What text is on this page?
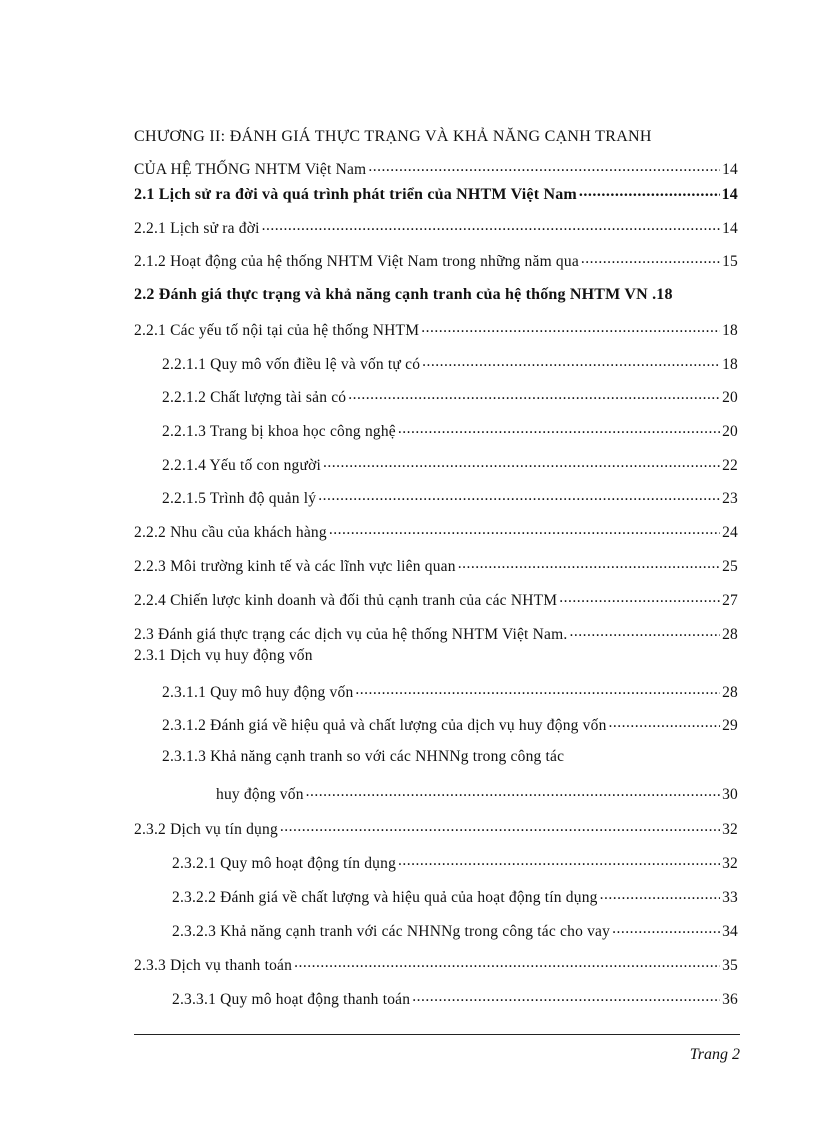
CHƯƠNG II: ĐÁNH GIÁ THỰC TRẠNG VÀ KHẢ NĂNG CẠNH TRANH
CỦA HỆ THỐNG NHTM Việt Nam .....	14
2.1 Lịch sử ra đời và quá trình phát triển của NHTM Việt Nam .....	14
2.2.1 Lịch sử ra đời .....	14
2.1.2 Hoạt động của hệ thống NHTM Việt Nam trong những năm qua .....	15
2.2 Đánh giá thực trạng và khả năng cạnh tranh của hệ thống NHTM VN . 18
2.2.1 Các yếu tố nội tại của hệ thống NHTM .....	18
2.2.1.1 Quy mô vốn điều lệ và vốn tự có .....	18
2.2.1.2 Chất lượng tài sản có .....	20
2.2.1.3 Trang bị khoa học công nghệ .....	20
2.2.1.4 Yếu tố con người .....	22
2.2.1.5 Trình độ quản lý .....	23
2.2.2 Nhu cầu của khách hàng .....	24
2.2.3 Môi trường kinh tế và các lĩnh vực liên quan .....	25
2.2.4 Chiến lược kinh doanh và đối thủ cạnh tranh của các NHTM .....	27
2.3 Đánh giá thực trạng các dịch vụ của hệ thống NHTM Việt Nam. .....	28
2.3.1 Dịch vụ huy động vốn
2.3.1.1 Quy mô huy động vốn .....	28
2.3.1.2 Đánh giá về hiệu quả và chất lượng của dịch vụ huy động vốn .....	29
2.3.1.3 Khả năng cạnh tranh so với các NHNNg trong công tác
huy động vốn .....	30
2.3.2 Dịch vụ tín dụng .....	32
2.3.2.1 Quy mô hoạt động tín dụng .....	32
2.3.2.2 Đánh giá về chất lượng và hiệu quả của hoạt động tín dụng .....	33
2.3.2.3 Khả năng cạnh tranh với các NHNNg trong công tác cho vay .....	34
2.3.3 Dịch vụ thanh toán .....	35
2.3.3.1 Quy mô hoạt động thanh toán .....	36
Trang 2
